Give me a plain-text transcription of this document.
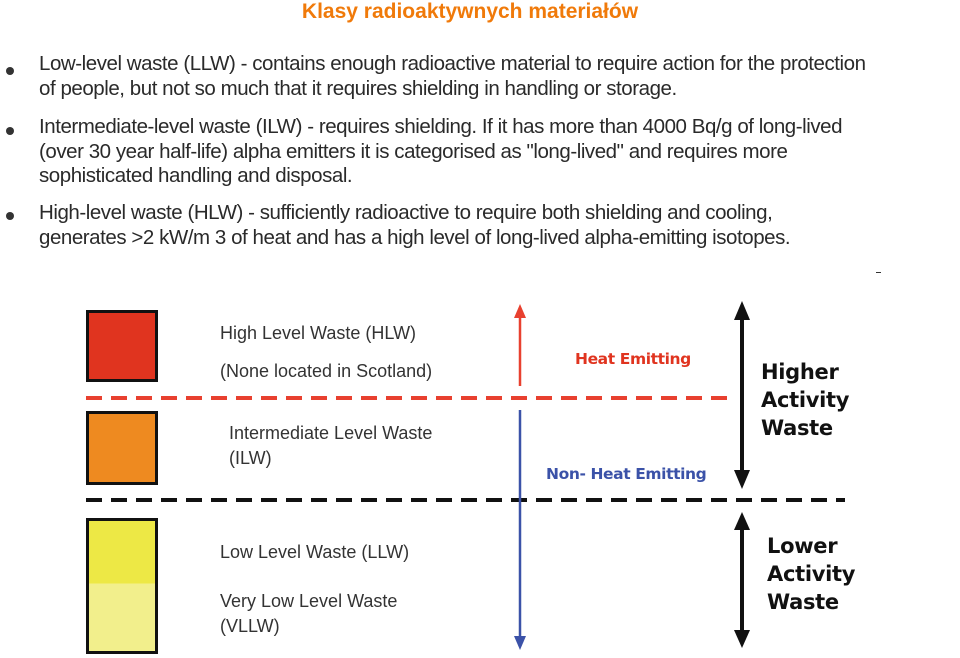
Klasy radioaktywnych materiałów

Low-level waste (LLW) - contains enough radioactive material to require action for the protection
of people, but not so much that it requires shielding in handling or storage.

Intermediate-level waste (ILW) - requires shielding. If it has more than 4000 Bq/g of long-lived
(over 30 year half-life) alpha emitters it is categorised as "long-lived" and requires more
sophisticated handling and disposal.

High-level waste (HLW) - sufficiently radioactive to require both shielding and cooling,
generates >2 kW/m 3 of heat and has a high level of long-lived alpha-emitting isotopes.

High Level Waste (HLW)
(None located in Scotland)
Intermediate Level Waste
(ILW)
Low Level Waste (LLW)
Very Low Level Waste
(VLLW)
Heat Emitting
Non- Heat Emitting
Higher
Activity
Waste
Lower
Activity
Waste
